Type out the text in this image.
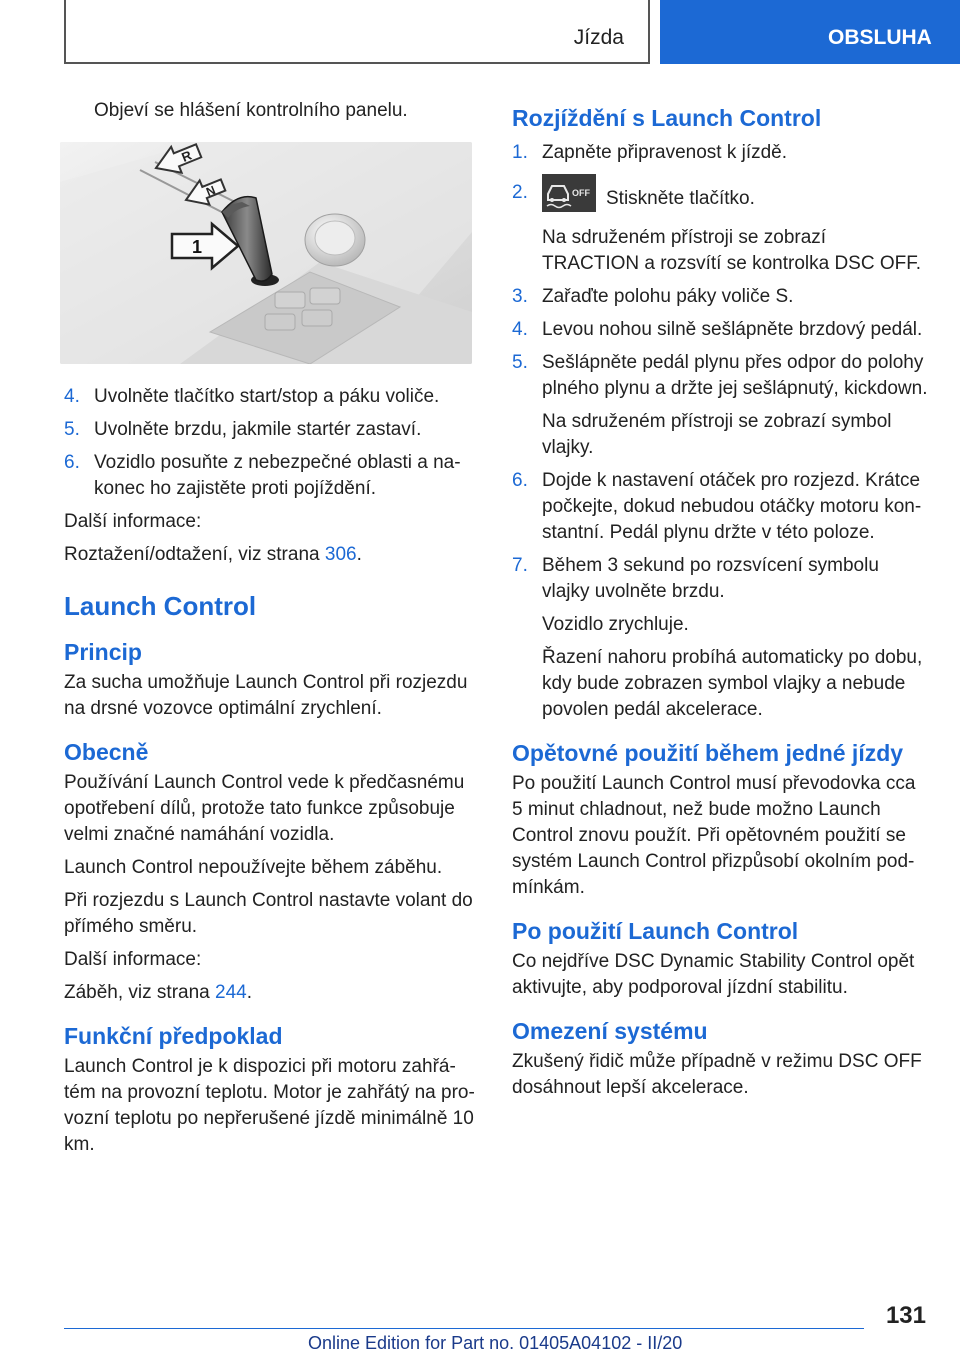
Jízda	OBSLUHA

Objeví se hlášení kontrolního panelu.

R
N
1
4. Uvolněte tlačítko start/stop a páku voliče.
5. Uvolněte brzdu, jakmile startér zastaví.
6. Vozidlo posuňte z nebezpečné oblasti a nakonec ho zajistěte proti pojíždění.

Další informace:

Roztažení/odtažení, viz strana 306.

Launch Control
Princip

Za sucha umožňuje Launch Control při rozjezdu na drsné vozovce optimální zrychlení.

Obecně

Používání Launch Control vede k předčasnému opotřebení dílů, protože tato funkce způsobuje velmi značné namáhání vozidla.

Launch Control nepoužívejte během záběhu.

Při rozjezdu s Launch Control nastavte volant do přímého směru.

Další informace:

Záběh, viz strana 244.

Funkční předpoklad

Launch Control je k dispozici při motoru zahřátém na provozní teplotu. Motor je zahřátý na provozní teplotu po nepřerušené jízdě minimálně 10 km.

Rozjíždění s Launch Control
1. Zapněte připravenost k jízdě.
2.	OFF Stiskněte tlačítko.

Na sdruženém přístroji se zobrazí TRACTION a rozsvítí se kontrolka DSC OFF.

3. Zařaďte polohu páky voliče S.
4. Levou nohou silně sešlápněte brzdový pedál.
5. Sešlápněte pedál plynu přes odpor do polohy plného plynu a držte jej sešlápnutý, kickdown.

Na sdruženém přístroji se zobrazí symbol vlajky.

6. Dojde k nastavení otáček pro rozjezd. Krátce počkejte, dokud nebudou otáčky motoru konstantní. Pedál plynu držte v této poloze.
7. Během 3 sekund po rozsvícení symbolu vlajky uvolněte brzdu.

Vozidlo zrychluje.

Řazení nahoru probíhá automaticky po dobu, kdy bude zobrazen symbol vlajky a nebude povolen pedál akcelerace.

Opětovné použití během jedné jízdy

Po použití Launch Control musí převodovka cca 5 minut chladnout, než bude možno Launch Control znovu použít. Při opětovném použití se systém Launch Control přizpůsobí okolním podmínkám.

Po použití Launch Control

Co nejdříve DSC Dynamic Stability Control opět aktivujte, aby podporoval jízdní stabilitu.

Omezení systému

Zkušený řidič může případně v režimu DSC OFF dosáhnout lepší akcelerace.

131
Online Edition for Part no. 01405A04102 - II/20
